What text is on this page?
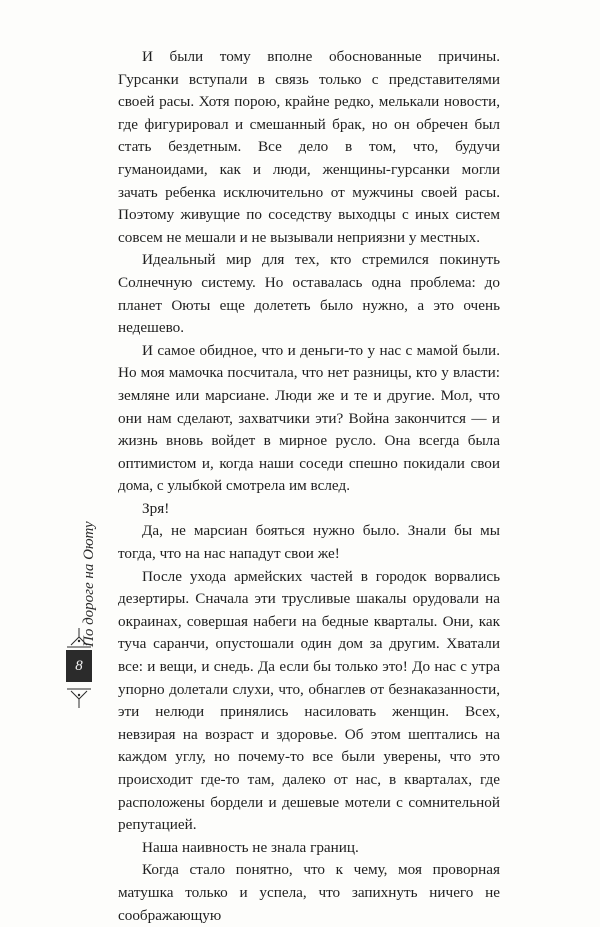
И были тому вполне обоснованные причины. Гурсанки вступали в связь только с представителями своей расы. Хотя порою, крайне редко, мелькали новости, где фигурировал и смешанный брак, но он обречен был стать бездетным. Все дело в том, что, будучи гуманоидами, как и люди, женщины-гурсанки могли зачать ребенка исключительно от мужчины своей расы. Поэтому живущие по соседству выходцы с иных систем совсем не мешали и не вызывали неприязни у местных.

Идеальный мир для тех, кто стремился покинуть Солнечную систему. Но оставалась одна проблема: до планет Оюты еще долететь было нужно, а это очень недешево.

И самое обидное, что и деньги-то у нас с мамой были. Но моя мамочка посчитала, что нет разницы, кто у власти: земляне или марсиане. Люди же и те и другие. Мол, что они нам сделают, захватчики эти? Война закончится — и жизнь вновь войдет в мирное русло. Она всегда была оптимистом и, когда наши соседи спешно покидали свои дома, с улыбкой смотрела им вслед.

Зря!

Да, не марсиан бояться нужно было. Знали бы мы тогда, что на нас нападут свои же!

После ухода армейских частей в городок ворвались дезертиры. Сначала эти трусливые шакалы орудовали на окраинах, совершая набеги на бедные кварталы. Они, как туча саранчи, опустошали один дом за другим. Хватали все: и вещи, и снедь. Да если бы только это! До нас с утра упорно долетали слухи, что, обнаглев от безнаказанности, эти нелюди принялись насиловать женщин. Всех, невзирая на возраст и здоровье. Об этом шептались на каждом углу, но почему-то все были уверены, что это происходит где-то там, далеко от нас, в кварталах, где расположены бордели и дешевые мотели с сомнительной репутацией.

Наша наивность не знала границ.

Когда стало понятно, что к чему, моя проворная матушка только и успела, что запихнуть ничего не соображающую

По дороге на Оюту
8
